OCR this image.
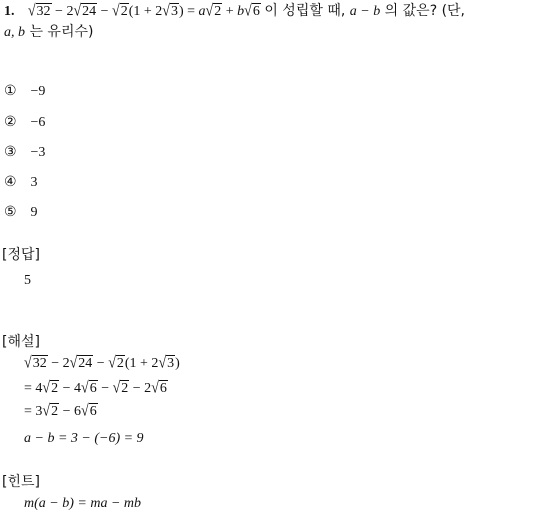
1. √32 − 2√24 − √2(1 + 2√3) = a√2 + b√6 이 성립할 때, a − b 의 값은? (단,
a, b 는 유리수)
① −9
② −6
③ −3
④ 3
⑤ 9
[정답]
5
[해설]
√32 − 2√24 − √2(1 + 2√3)
= 4√2 − 4√6 − √2 − 2√6
= 3√2 − 6√6
a − b = 3 − (−6) = 9
[힌트]
m(a − b) = ma − mb
